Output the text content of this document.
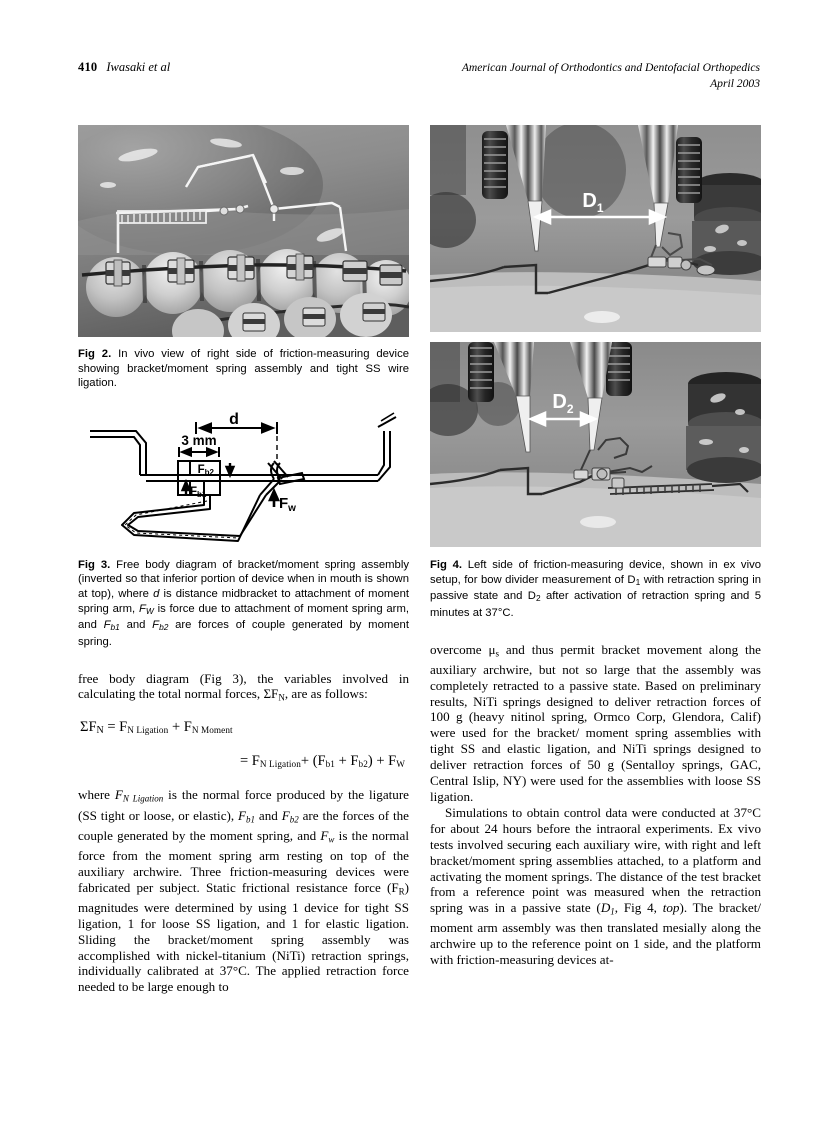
410 Iwasaki et al	American Journal of Orthodontics and Dentofacial Orthopedics
April 2003
Fig 2. In vivo view of right side of friction-measuring device showing bracket/moment spring assembly and tight SS wire ligation.
d
3 mm
Fb2
Fb1
$F_w$
Fig 3. Free body diagram of bracket/moment spring assembly (inverted so that inferior portion of device when in mouth is shown at top), where d is distance midbracket to attachment of moment spring arm, $F_W$ is force due to attachment of moment spring arm, and $F_{b1}$ and $F_{b2}$ are forces of couple generated by moment spring.

free body diagram (Fig 3), the variables involved in calculating the total normal forces, $\Sigma F_N$, are as follows:

ΣFN = FN Ligation + FN Moment
= FN Ligation+ (Fb1 + Fb2) + FW

where $F_{N Ligation}$ is the normal force produced by the ligature (SS tight or loose, or elastic), $F_{b1}$ and $F_{b2}$ are the forces of the couple generated by the moment spring, and $F_w$ is the normal force from the moment spring arm resting on top of the auxiliary archwire. Three friction-measuring devices were fabricated per subject. Static frictional resistance force $(F_R)$ magnitudes were determined by using 1 device for tight SS ligation, 1 for loose SS ligation, and 1 for elastic ligation. Sliding the bracket/moment spring assembly was accomplished with nickel-titanium (NiTi) retraction springs, individually calibrated at 37°C. The applied retraction force needed to be large enough to

$D_1$
$D_2$
Fig 4. Left side of friction-measuring device, shown in ex vivo setup, for bow divider measurement of $D_1$ with retraction spring in passive state and $D_2$ after activation of retraction spring and 5 minutes at 37°C.

overcome $\mu_s$ and thus permit bracket movement along the auxiliary archwire, but not so large that the assembly was completely retracted to a passive state. Based on preliminary results, NiTi springs designed to deliver retraction forces of 100 g (heavy nitinol spring, Ormco Corp, Glendora, Calif) were used for the bracket/ moment spring assemblies with tight SS and elastic ligation, and NiTi springs designed to deliver retraction forces of 50 g (Sentalloy springs, GAC, Central Islip, NY) were used for the assemblies with loose SS ligation.

Simulations to obtain control data were conducted at 37°C for about 24 hours before the intraoral experiments. Ex vivo tests involved securing each auxiliary wire, with right and left bracket/moment spring assemblies attached, to a platform and activating the moment springs. The distance of the test bracket from a reference point was measured when the retraction spring was in a passive state ($D_1$, Fig 4, top). The bracket/ moment arm assembly was then translated mesially along the archwire up to the reference point on 1 side, and the platform with friction-measuring devices at-
